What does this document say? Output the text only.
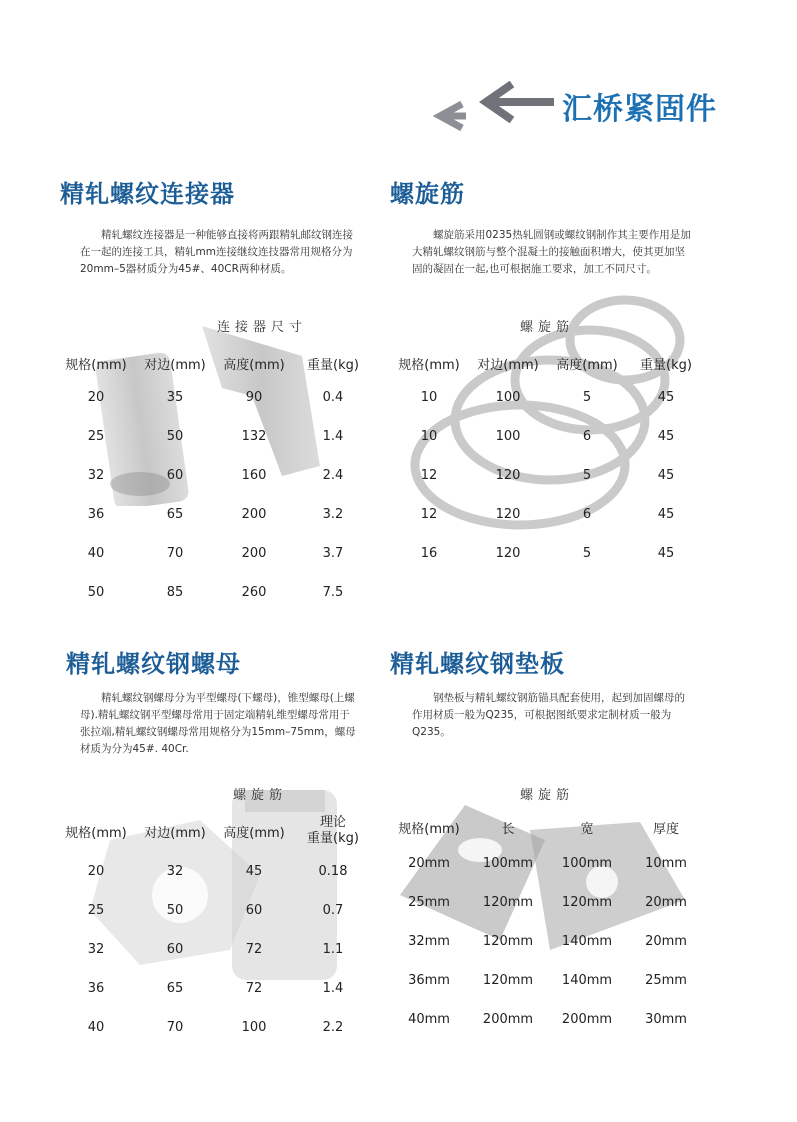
汇桥紧固件
精轧螺纹连接器

精轧螺纹连接器是一种能够直接将两跟精轧邮纹钢连接在一起的连接工具，精轧mm连接继纹连技器常用规格分为20mm–5器材质分为45#、40CR两种材质。

连接器尺寸
规格(mm)	对边(mm)	高度(mm)	重量(kg)
20	35	90	0.4
25	50	132	1.4
32	60	160	2.4
36	65	200	3.2
40	70	200	3.7
50	85	260	7.5
螺旋筋

螺旋筋采用0235热轧圆钢或螺纹钢制作其主要作用是加大精轧螺纹钢筋与整个混凝土的接触面积增大，使其更加坚固的凝固在一起,也可根据施工要求，加工不同尺寸。

螺旋筋
规格(mm)	对边(mm)	高度(mm)	重量(kg)
10	100	5	45
10	100	6	45
12	120	5	45
12	120	6	45
16	120	5	45
精轧螺纹钢螺母

精轧螺纹钢螺母分为平型螺母(下螺母)，锥型螺母(上螺母).精轧螺纹钢平型螺母常用于固定端精轧维型螺母常用于张拉端,精轧螺纹钢螺母常用规格分为15mm–75mm，螺母材质为分为45#. 40Cr.

螺旋筋
规格(mm)	对边(mm)	高度(mm)	理论
重量(kg)
20	32	45	0.18
25	50	60	0.7
32	60	72	1.1
36	65	72	1.4
40	70	100	2.2
精轧螺纹钢垫板

钢垫板与精轧螺纹钢筋锚具配套使用，起到加固螺母的作用材质一般为Q235，可根据图纸要求定制材质一般为Q235。

螺旋筋
规格(mm)	长	宽	厚度
20mm	100mm	100mm	10mm
25mm	120mm	120mm	20mm
32mm	120mm	140mm	20mm
36mm	120mm	140mm	25mm
40mm	200mm	200mm	30mm
